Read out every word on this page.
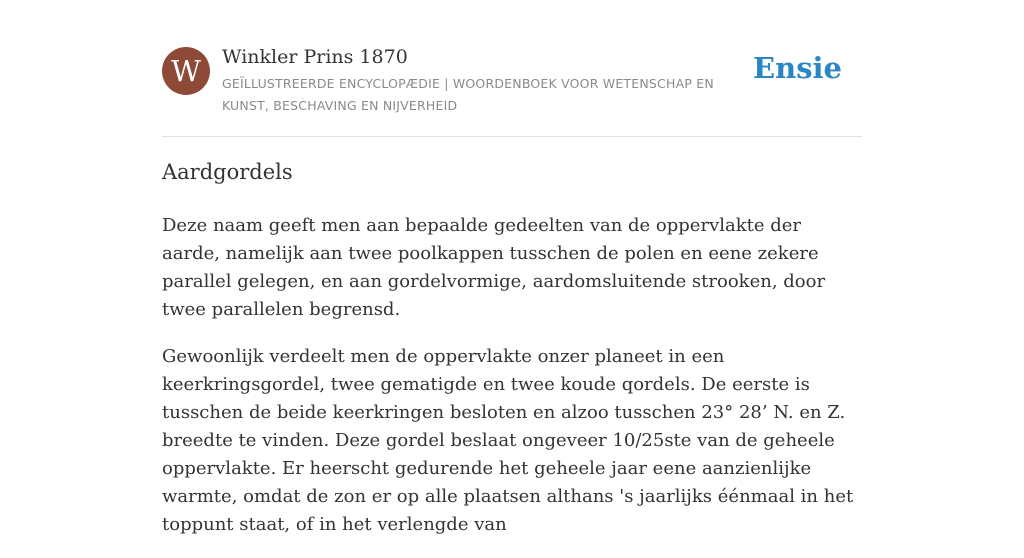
W	Winkler Prins 1870
GEÏLLUSTREERDE ENCYCLOPÆDIE | WOORDENBOEK VOOR WETENSCHAP EN KUNST, BESCHAVING EN NIJVERHEID
Ensie
Aardgordels

Deze naam geeft men aan bepaalde gedeelten van de oppervlakte der aarde, namelijk aan twee poolkappen tusschen de polen en eene zekere parallel gelegen, en aan gordelvormige, aardomsluitende strooken, door twee parallelen begrensd.

Gewoonlijk verdeelt men de oppervlakte onzer planeet in een keerkringsgordel, twee gematigde en twee koude qordels. De eerste is tusschen de beide keerkringen besloten en alzoo tusschen 23° 28’ N. en Z. breedte te vinden. Deze gordel beslaat ongeveer 10/25ste van de geheele oppervlakte. Er heerscht gedurende het geheele jaar eene aanzienlijke warmte, omdat de zon er op alle plaatsen althans 's jaarlijks éénmaal in het toppunt staat, of in het verlengde van
